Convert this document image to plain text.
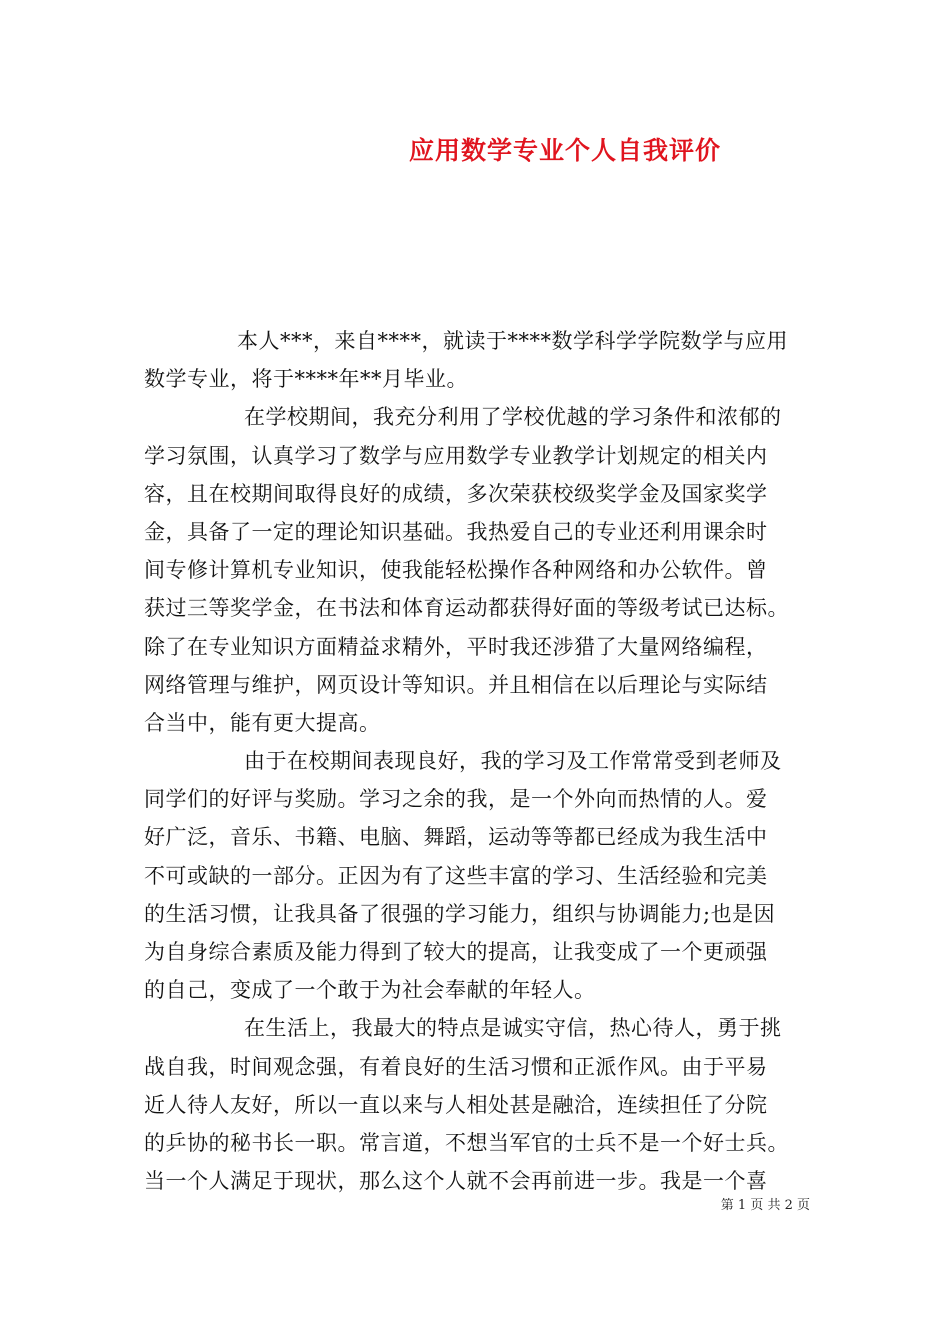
应用数学专业个人自我评价

本人***，来自****，就读于****数学科学学院数学与应用
数学专业，将于****年**月毕业。

在学校期间，我充分利用了学校优越的学习条件和浓郁的
学习氛围，认真学习了数学与应用数学专业教学计划规定的相关内
容，且在校期间取得良好的成绩，多次荣获校级奖学金及国家奖学
金，具备了一定的理论知识基础。我热爱自己的专业还利用课余时
间专修计算机专业知识，使我能轻松操作各种网络和办公软件。曾
获过三等奖学金，在书法和体育运动都获得好面的等级考试已达标。
除了在专业知识方面精益求精外，平时我还涉猎了大量网络编程，
网络管理与维护，网页设计等知识。并且相信在以后理论与实际结
合当中，能有更大提高。

由于在校期间表现良好，我的学习及工作常常受到老师及
同学们的好评与奖励。学习之余的我，是一个外向而热情的人。爱
好广泛，音乐、书籍、电脑、舞蹈，运动等等都已经成为我生活中
不可或缺的一部分。正因为有了这些丰富的学习、生活经验和完美
的生活习惯，让我具备了很强的学习能力，组织与协调能力;也是因
为自身综合素质及能力得到了较大的提高，让我变成了一个更顽强
的自己，变成了一个敢于为社会奉献的年轻人。

在生活上，我最大的特点是诚实守信，热心待人，勇于挑
战自我，时间观念强，有着良好的生活习惯和正派作风。由于平易
近人待人友好，所以一直以来与人相处甚是融洽，连续担任了分院
的乒协的秘书长一职。常言道，不想当军官的士兵不是一个好士兵。
当一个人满足于现状，那么这个人就不会再前进一步。我是一个喜

第 1 页 共 2 页
